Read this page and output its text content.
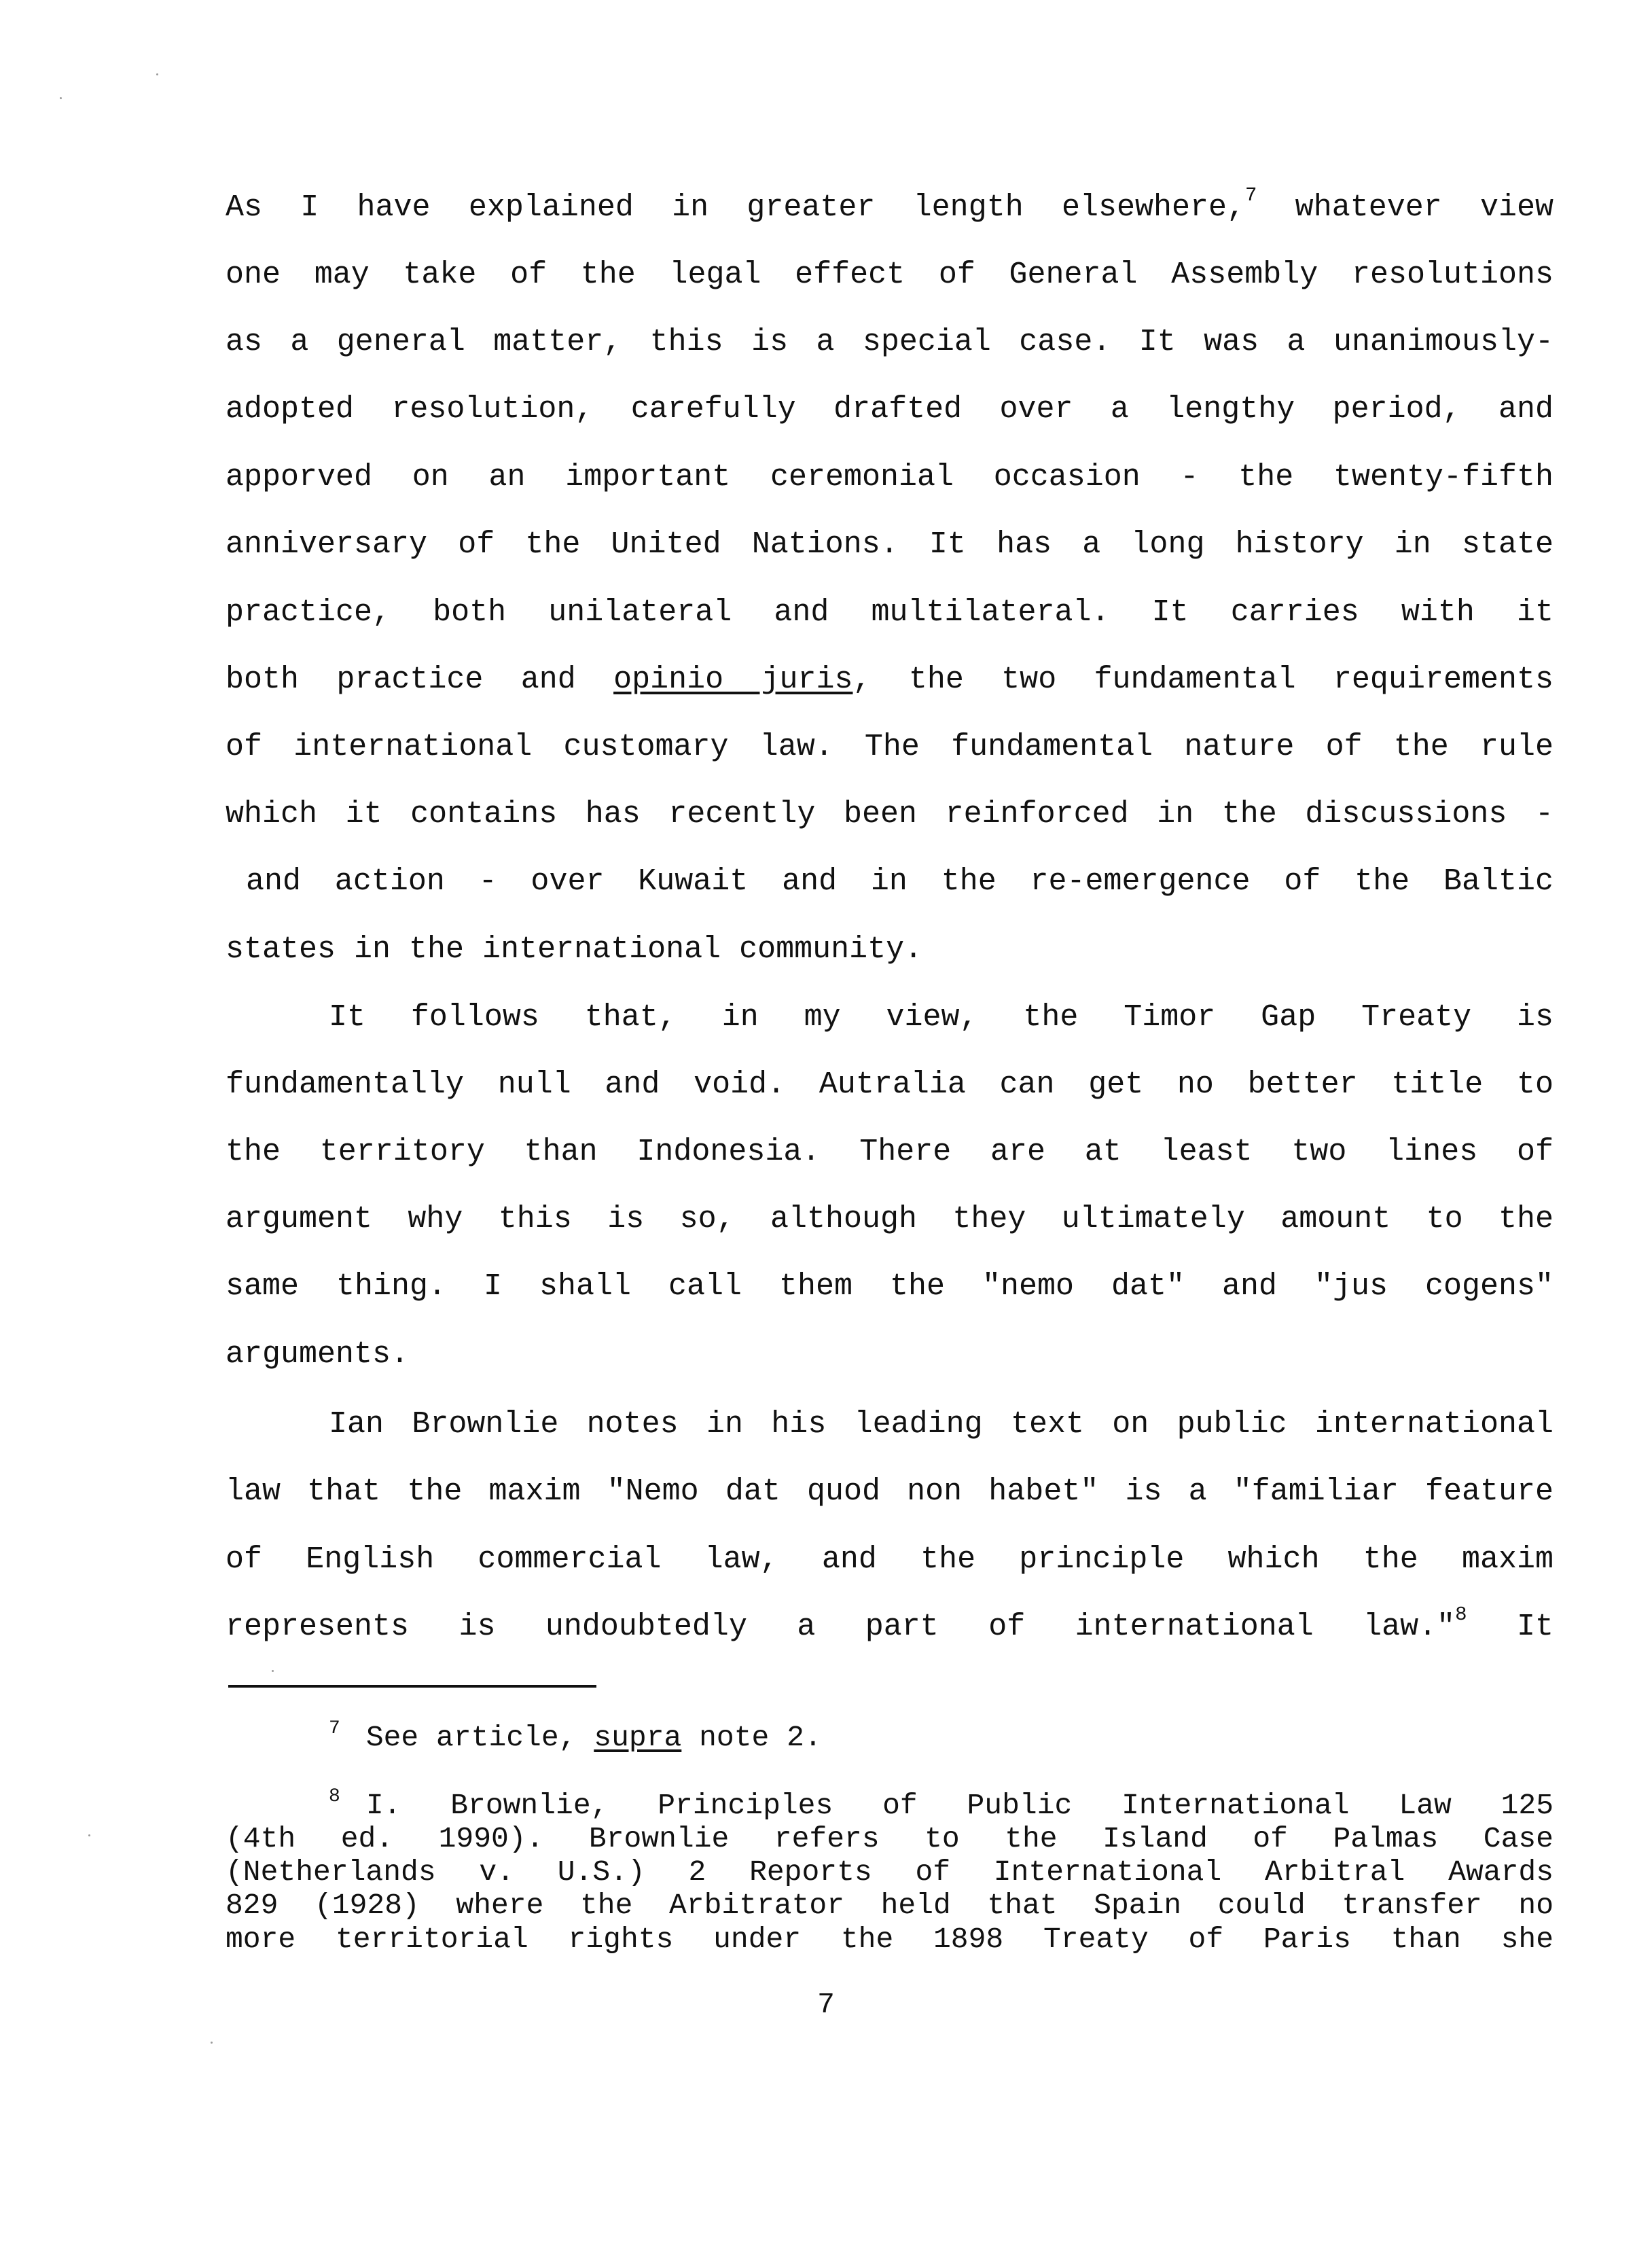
As I have explained in greater length elsewhere,$^7$ whatever view
one may take of the legal effect of General Assembly resolutions
as a general matter, this is a special case. It was a unanimously-
adopted resolution, carefully drafted over a lengthy period, and
apporved on an important ceremonial occasion - the twenty-fifth
anniversary of the United Nations. It has a long history in state
practice, both unilateral and multilateral. It carries with it
both practice and opinio juris, the two fundamental requirements
of international customary law. The fundamental nature of the rule
which it contains has recently been reinforced in the discussions -
and action - over Kuwait and in the re-emergence of the Baltic
states in the international community.
It follows that, in my view, the Timor Gap Treaty is
fundamentally null and void. Autralia can get no better title to
the territory than Indonesia. There are at least two lines of
argument why this is so, although they ultimately amount to the
same thing. I shall call them the "nemo dat" and "jus cogens"
arguments.
Ian Brownlie notes in his leading text on public international
law that the maxim "Nemo dat quod non habet" is a "familiar feature
of English commercial law, and the principle which the maxim
represents is undoubtedly a part of international law."$^8$ It
$^7$ See article, supra note 2.
$^8$ I. Brownlie, Principles of Public International Law 125
(4th ed. 1990). Brownlie refers to the Island of Palmas Case
(Netherlands v. U.S.) 2 Reports of International Arbitral Awards
829 (1928) where the Arbitrator held that Spain could transfer no
more territorial rights under the 1898 Treaty of Paris than she
7
